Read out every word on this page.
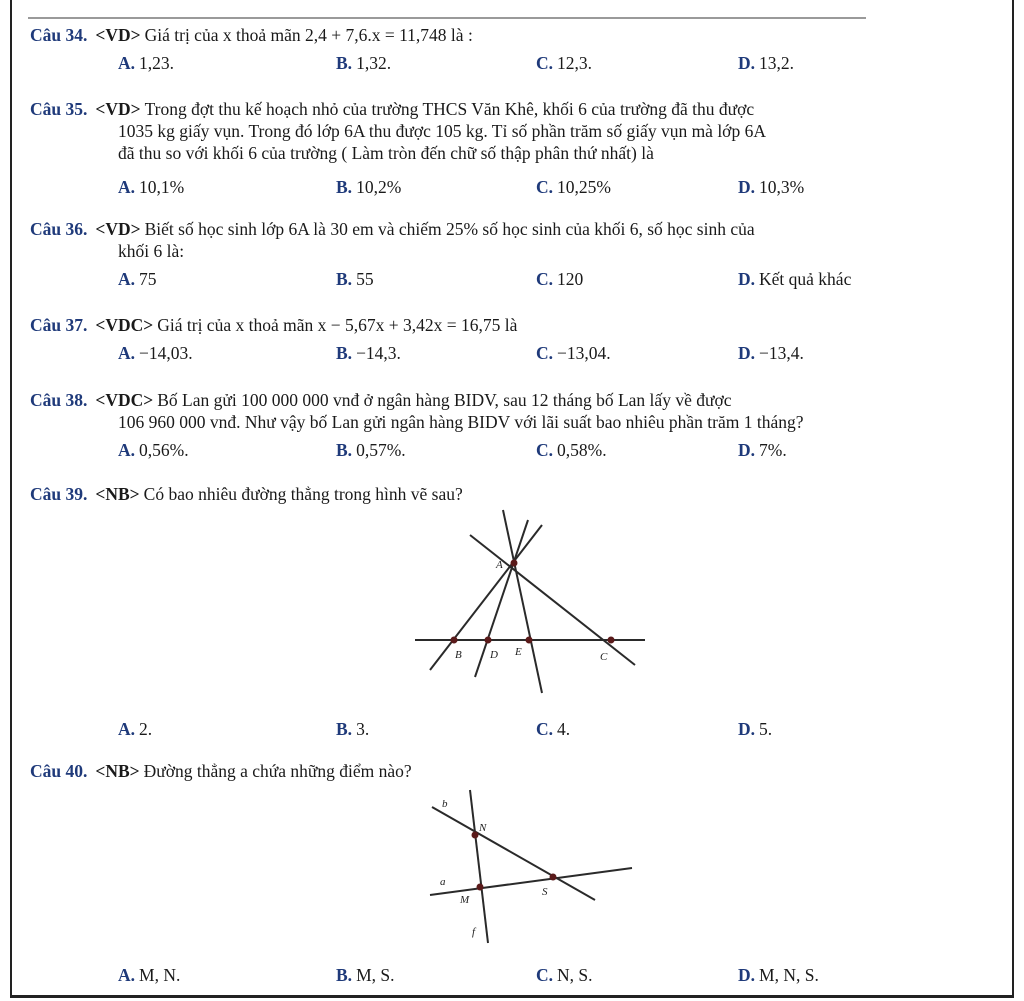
Câu 34. <VD> Giá trị của x thoả mãn 2,4 + 7,6.x = 11,748 là :
A. 1,23.	B. 1,32.	C. 12,3.	D. 13,2.
Câu 35. <VD> Trong đợt thu kế hoạch nhỏ của trường THCS Văn Khê, khối 6 của trường đã thu được
1035 kg giấy vụn. Trong đó lớp 6A thu được 105 kg. Tỉ số phần trăm số giấy vụn mà lớp 6A
đã thu so với khối 6 của trường ( Làm tròn đến chữ số thập phân thứ nhất) là
A. 10,1%	B. 10,2%	C. 10,25%	D. 10,3%
Câu 36. <VD> Biết số học sinh lớp 6A là 30 em và chiếm 25% số học sinh của khối 6, số học sinh của
khối 6 là:
A. 75	B. 55	C. 120	D. Kết quả khác
Câu 37. <VDC> Giá trị của x thoả mãn x − 5,67x + 3,42x = 16,75 là
A. −14,03.	B. −14,3.	C. −13,04.	D. −13,4.
Câu 38. <VDC> Bố Lan gửi 100 000 000 vnđ ở ngân hàng BIDV, sau 12 tháng bố Lan lấy về được
106 960 000 vnđ. Như vậy bố Lan gửi ngân hàng BIDV với lãi suất bao nhiêu phần trăm 1 tháng?
A. 0,56%.	B. 0,57%.	C. 0,58%.	D. 7%.
Câu 39. <NB> Có bao nhiêu đường thẳng trong hình vẽ sau?
A
B	D E	C
A. 2.	B. 3.	C. 4.	D. 5.
Câu 40. <NB> Đường thẳng a chứa những điểm nào?
b
N
a
M
S
f
A. M, N.	B. M, S.	C. N, S.	D. M, N, S.
